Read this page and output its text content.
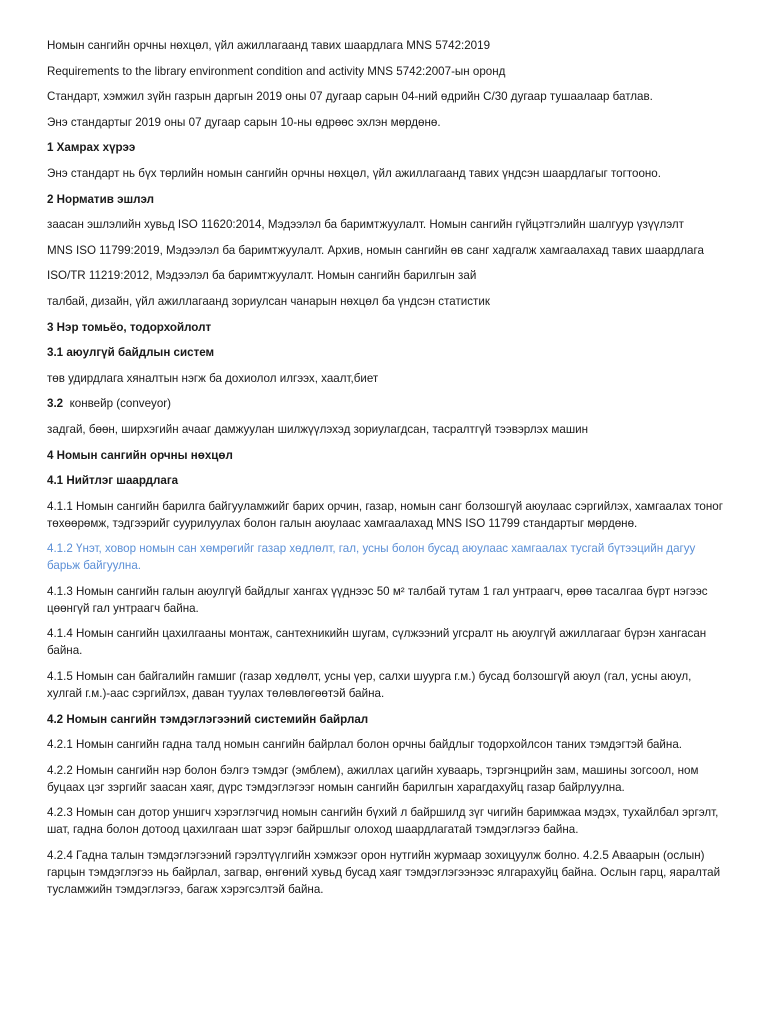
Номын сангийн орчны нөхцөл, үйл ажиллагаанд тавих шаардлага MNS 5742:2019

Requirements to the library environment condition and activity MNS 5742:2007-ын оронд

Стандарт, хэмжил зүйн газрын даргын 2019 оны 07 дугаар сарын 04-ний өдрийн С/30 дугаар тушаалаар батлав.

Энэ стандартыг 2019 оны 07 дугаар сарын 10-ны өдрөөс эхлэн мөрдөнө.

1 Хамрах хүрээ

Энэ стандарт нь бүх төрлийн номын сангийн орчны нөхцөл, үйл ажиллагаанд тавих үндсэн шаардлагыг тогтооно.

2 Норматив эшлэл

заасан эшлэлийн хувьд ISO 11620:2014, Мэдээлэл ба баримтжуулалт. Номын сангийн гүйцэтгэлийн шалгуур үзүүлэлт

MNS ISO 11799:2019, Мэдээлэл ба баримтжуулалт. Архив, номын сангийн өв санг хадгалж хамгаалахад тавих шаардлага

ISO/TR 11219:2012, Мэдээлэл ба баримтжуулалт. Номын сангийн барилгын зай

талбай, дизайн, үйл ажиллагаанд зориулсан чанарын нөхцөл ба үндсэн статистик

3 Нэр томьёо, тодорхойлолт

3.1 аюулгүй байдлын систем

төв удирдлага хяналтын нэгж ба дохиолол илгээх, хаалт,биет

3.2  конвейр (conveyor)

задгай, бөөн, ширхэгийн ачааг дамжуулан шилжүүлэхэд зориулагдсан, тасралтгүй тээвэрлэх машин

4 Номын сангийн орчны нөхцөл

4.1 Нийтлэг шаардлага

4.1.1 Номын сангийн барилга байгууламжийг барих орчин, газар, номын санг болзошгүй аюулаас сэргийлэх, хамгаалах тоног төхөөрөмж, тэдгээрийг суурилуулах болон галын аюулаас хамгаалахад MNS ISO 11799 стандартыг мөрдөнө.

4.1.2 Үнэт, ховор номын сан хөмрөгийг газар хөдлөлт, гал, усны болон бусад аюулаас хамгаалах тусгай бүтээцийн дагуу барьж байгуулна.

4.1.3 Номын сангийн галын аюулгүй байдлыг хангах үүднээс 50 м² талбай тутам 1 гал унтраагч, өрөө тасалгаа бүрт нэгээс цөөнгүй гал унтраагч байна.

4.1.4 Номын сангийн цахилгааны монтаж, сантехникийн шугам, сүлжээний угсралт нь аюулгүй ажиллагааг бүрэн хангасан байна.

4.1.5 Номын сан байгалийн гамшиг (газар хөдлөлт, усны үер, салхи шуурга г.м.) бусад болзошгүй аюул (гал, усны аюул, хулгай г.м.)-аас сэргийлэх, даван туулах төлөвлөгөөтэй байна.

4.2 Номын сангийн тэмдэглэгээний системийн байрлал

4.2.1 Номын сангийн гадна талд номын сангийн байрлал болон орчны байдлыг тодорхойлсон таних тэмдэгтэй байна.

4.2.2 Номын сангийн нэр болон бэлгэ тэмдэг (эмблем), ажиллах цагийн хуваарь, тэргэнцрийн зам, машины зогсоол, ном буцаах цэг зэргийг заасан хаяг, дүрс тэмдэглэгээг номын сангийн барилгын харагдахуйц газар байрлуулна.

4.2.3 Номын сан дотор уншигч хэрэглэгчид номын сангийн бүхий л байршилд зүг чигийн баримжаа мэдэх, тухайлбал эргэлт, шат, гадна болон дотоод цахилгаан шат зэрэг байршлыг олоход шаардлагатай тэмдэглэгээ байна.

4.2.4 Гадна талын тэмдэглэгээний гэрэлтүүлгийн хэмжээг орон нутгийн журмаар зохицуулж болно. 4.2.5 Аваарын (ослын) гарцын тэмдэглэгээ нь байрлал, загвар, өнгөний хувьд бусад хаяг тэмдэглэгээнээс ялгарахуйц байна. Ослын гарц, яаралтай тусламжийн тэмдэглэгээ, багаж хэрэгсэлтэй байна.
